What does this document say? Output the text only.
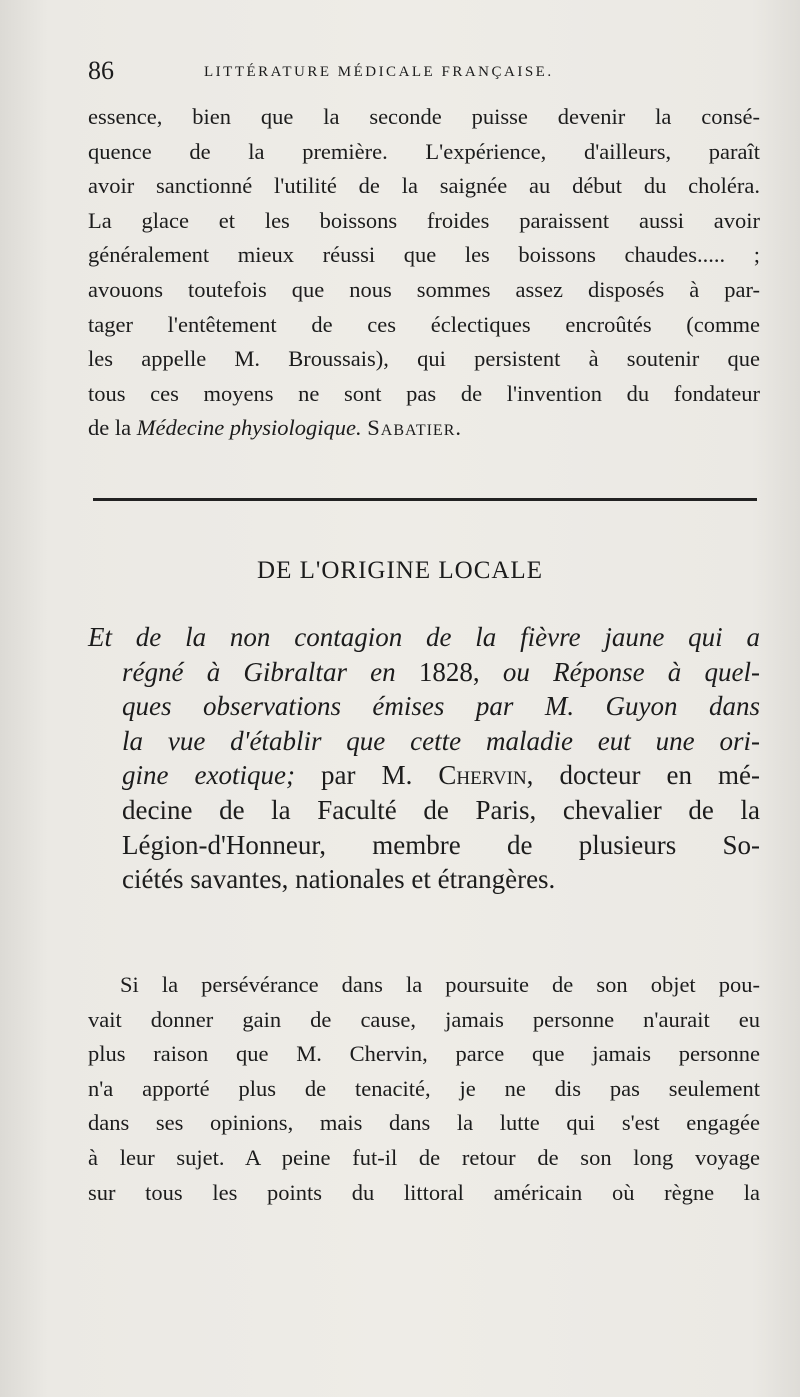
86	LITTÉRATURE MÉDICALE FRANÇAISE.
essence, bien que la seconde puisse devenir la consé-
quence de la première. L'expérience, d'ailleurs, paraît
avoir sanctionné l'utilité de la saignée au début du choléra.
La glace et les boissons froides paraissent aussi avoir
généralement mieux réussi que les boissons chaudes..... ;
avouons toutefois que nous sommes assez disposés à par-
tager l'entêtement de ces éclectiques encroûtés (comme
les appelle M. Broussais), qui persistent à soutenir que
tous ces moyens ne sont pas de l'invention du fondateur
de la Médecine physiologique. Sabatier.
DE L'ORIGINE LOCALE
Et de la non contagion de la fièvre jaune qui a
régné à Gibraltar en 1828, ou Réponse à quel-
ques observations émises par M. Guyon dans
la vue d'établir que cette maladie eut une ori-
gine exotique; par M. Chervin, docteur en mé-
decine de la Faculté de Paris, chevalier de la
Légion-d'Honneur, membre de plusieurs So-
ciétés savantes, nationales et étrangères.
Si la persévérance dans la poursuite de son objet pou-
vait donner gain de cause, jamais personne n'aurait eu
plus raison que M. Chervin, parce que jamais personne
n'a apporté plus de tenacité, je ne dis pas seulement
dans ses opinions, mais dans la lutte qui s'est engagée
à leur sujet. A peine fut-il de retour de son long voyage
sur tous les points du littoral américain où règne la
